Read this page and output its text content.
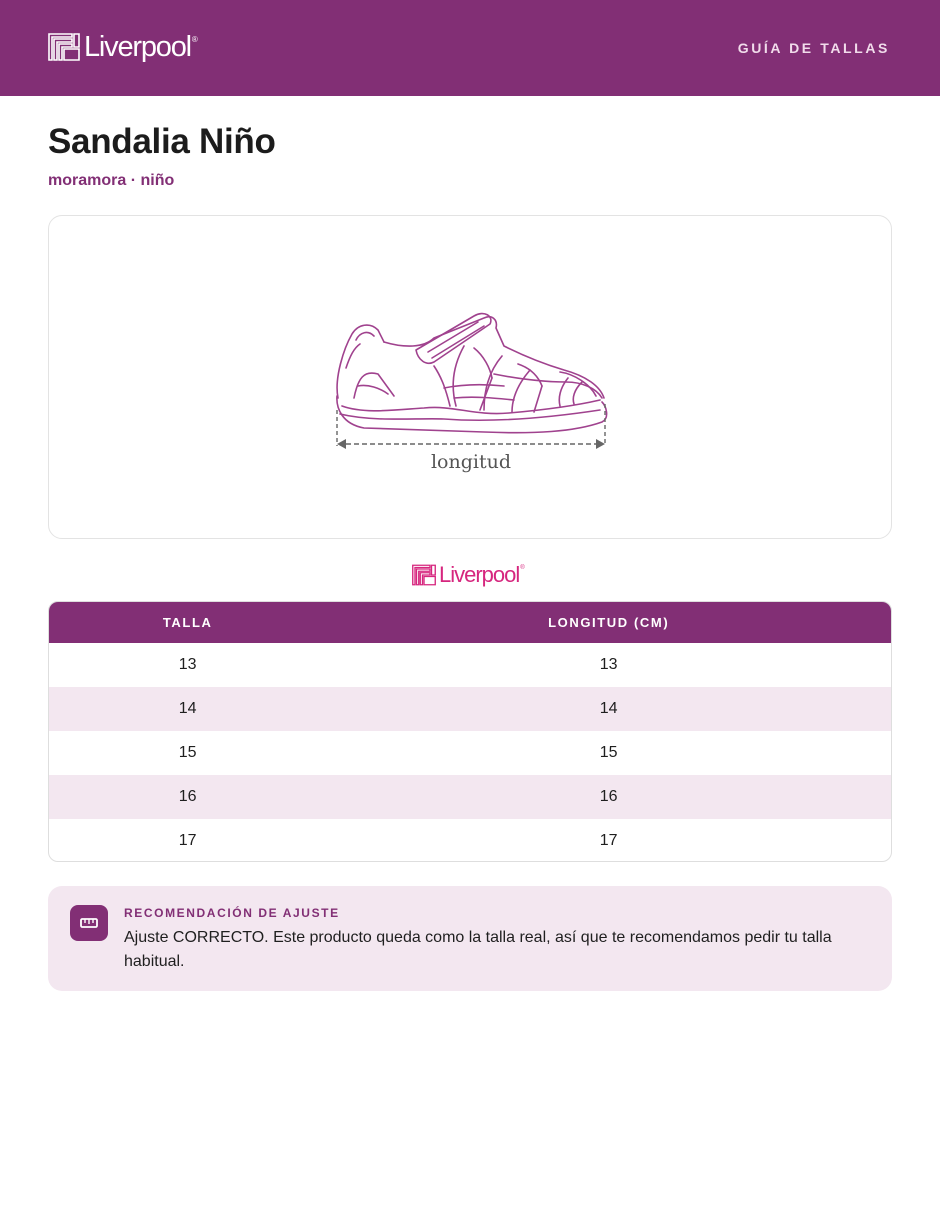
Liverpool ®
GUÍA DE TALLAS
Sandalia Niño
moramora · niño
longitud
Liverpool ®
TALLA	LONGITUD (CM)
13	13
14	14
15	15
16	16
17	17
RECOMENDACIÓN DE AJUSTE
Ajuste CORRECTO. Este producto queda como la talla real, así que te recomendamos pedir tu talla habitual.
